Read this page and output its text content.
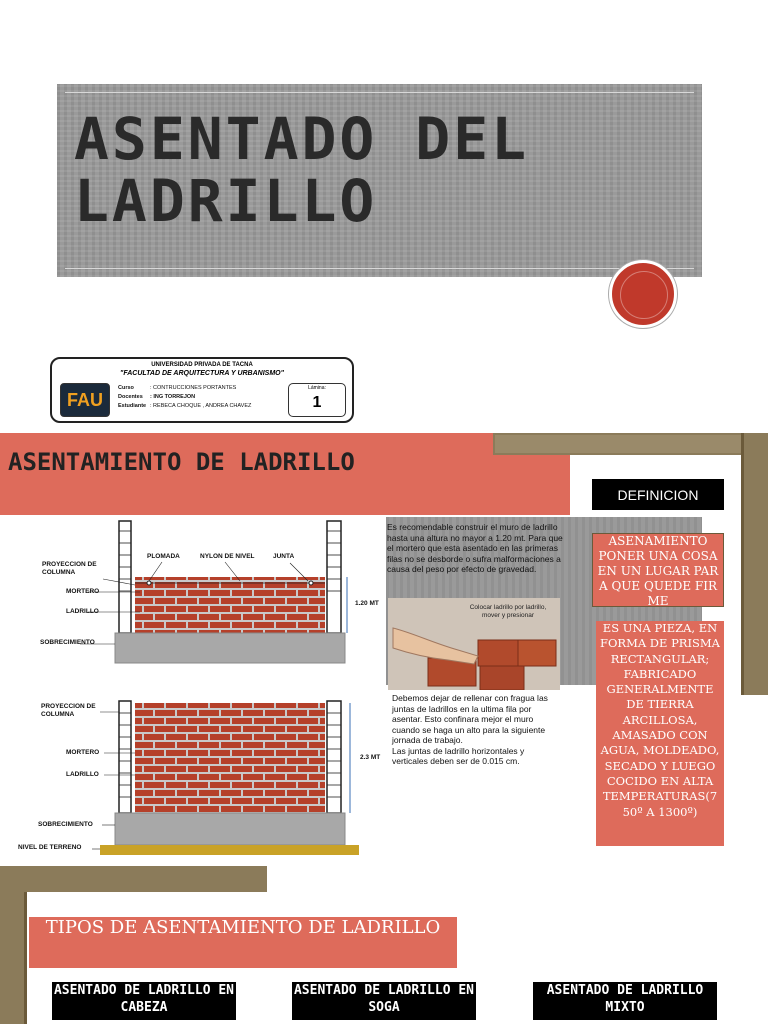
ASENTADO DEL
LADRILLO
UNIVERSIDAD PRIVADA DE TACNA
"FACULTAD DE ARQUITECTURA Y URBANISMO"
FAU
Curso	: CONTRUCCIONES PORTANTES
Docentes : ING TORREJON
Estudiante : REBECA CHOQUE , ANDREA CHAVEZ
Lámina:
1
ASENTAMIENTO DE LADRILLO
DEFINICION
PROYECCION DE COLUMNA
PLOMADA	NYLON DE NIVEL	JUNTA
MORTERO
LADRILLO
SOBRECIMIENTO
1.20 MT
PROYECCION DE COLUMNA
MORTERO
LADRILLO
SOBRECIMIENTO
NIVEL DE TERRENO
2.3 MT
Es recomendable construir el muro de ladrillo hasta una altura no mayor a 1.20 mt. Para que el mortero que esta asentado en las primeras filas no se desborde o sufra malformaciones a causa del peso por efecto de gravedad.
Colocar ladrillo por ladrillo, mover y presionar
Debemos dejar de rellenar con fragua las juntas de ladrillos en la ultima fila por asentar. Esto confinara mejor el muro cuando se haga un alto para la siguiente jornada de trabajo.
Las juntas de ladrillo horizontales y verticales deben ser de 0.015 cm.
ASENAMIENTO PONER UNA COSA EN UN LUGAR PAR A QUE QUEDE FIR ME
ES UNA PIEZA, EN FORMA DE PRISMA RECTANGULAR; FABRICADO GENERALMENTE DE TIERRA ARCILLOSA, AMASADO CON AGUA, MOLDEADO, SECADO Y LUEGO COCIDO EN ALTA TEMPERATURAS(7 50º A 1300º)
TIPOS DE ASENTAMIENTO DE LADRILLO
ASENTADO DE LADRILLO EN CABEZA
ASENTADO DE LADRILLO EN SOGA
ASENTADO DE LADRILLO MIXTO
